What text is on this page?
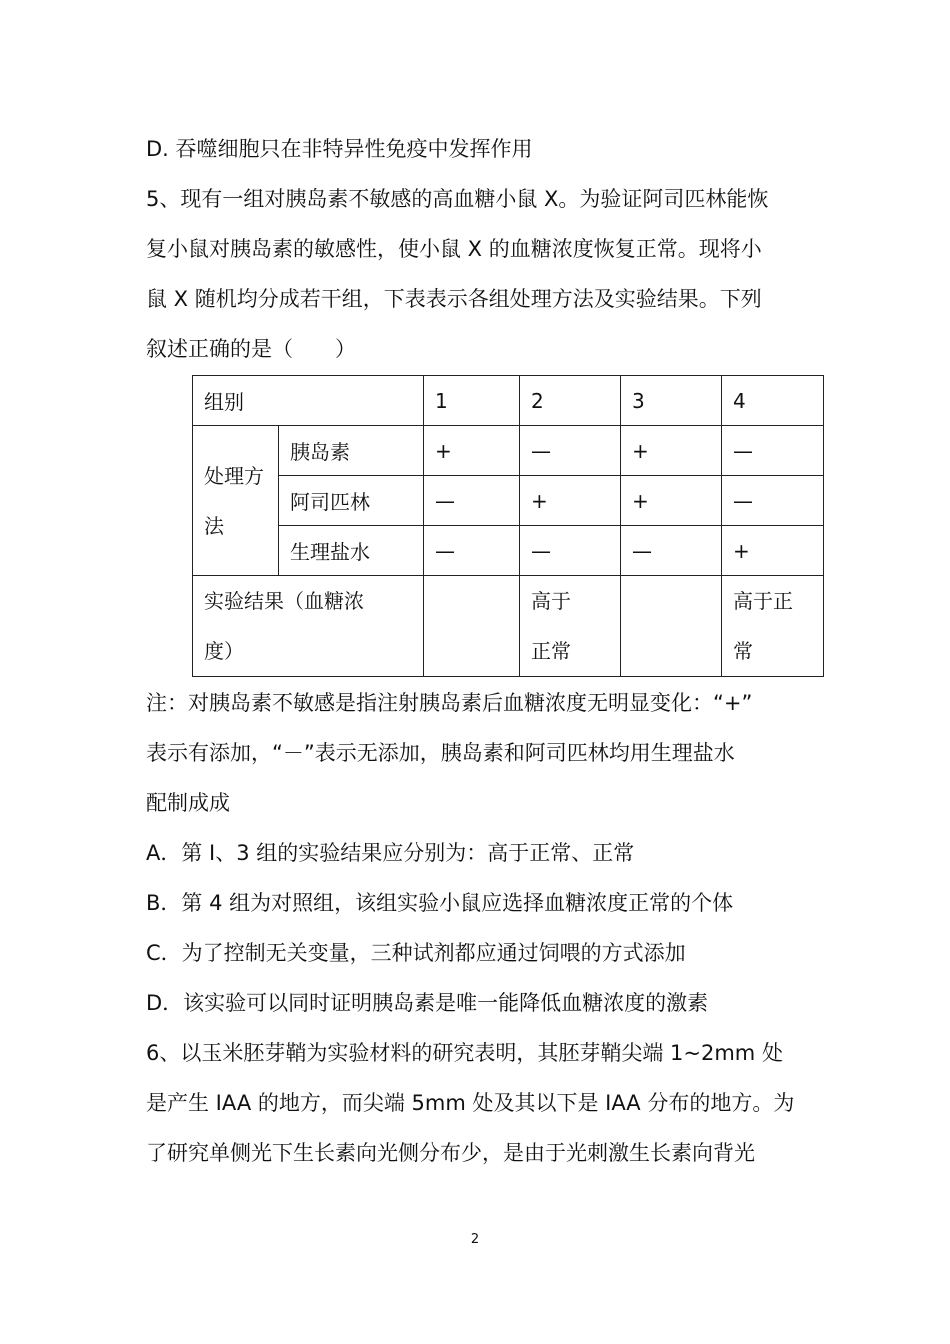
D. 吞噬细胞只在非特异性免疫中发挥作用
5、现有一组对胰岛素不敏感的高血糖小鼠 X。为验证阿司匹林能恢
复小鼠对胰岛素的敏感性，使小鼠 X 的血糖浓度恢复正常。现将小
鼠 X 随机均分成若干组，下表表示各组处理方法及实验结果。下列
叙述正确的是（　　）
组别		1	2	3	4

处理方法	胰岛素	+	—	+	—
	阿司匹林	—	+	+	—
	生理盐水	—	—	—	+

实验结果（血糖浓度）			高于正常		高于正常
注：对胰岛素不敏感是指注射胰岛素后血糖浓度无明显变化：“+”
表示有添加，“－”表示无添加，胰岛素和阿司匹林均用生理盐水
配制成成
A．第 I、3 组的实验结果应分别为：高于正常、正常
B．第 4 组为对照组，该组实验小鼠应选择血糖浓度正常的个体
C．为了控制无关变量，三种试剂都应通过饲喂的方式添加
D．该实验可以同时证明胰岛素是唯一能降低血糖浓度的激素
6、以玉米胚芽鞘为实验材料的研究表明，其胚芽鞘尖端 1~2mm 处
是产生 IAA 的地方，而尖端 5mm 处及其以下是 IAA 分布的地方。为
了研究单侧光下生长素向光侧分布少，是由于光刺激生长素向背光
2
